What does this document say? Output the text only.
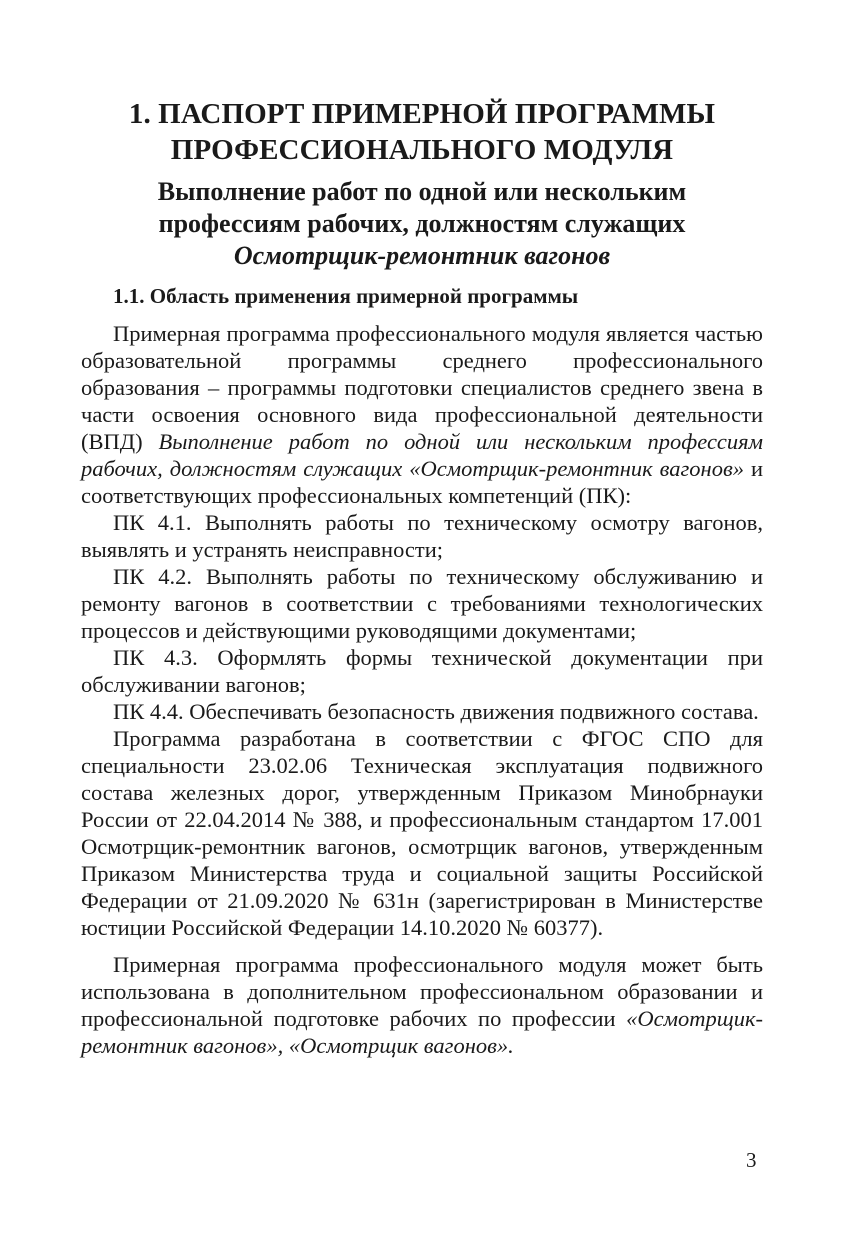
1. ПАСПОРТ ПРИМЕРНОЙ ПРОГРАММЫ
ПРОФЕССИОНАЛЬНОГО МОДУЛЯ
Выполнение работ по одной или нескольким
профессиям рабочих, должностям служащих

Осмотрщик-ремонтник вагонов

1.1. Область применения примерной программы

Примерная программа профессионального модуля является частью образовательной программы среднего профессионального образования – программы подготовки специалистов среднего звена в части освоения основного вида профессиональной деятельности (ВПД) Выполнение работ по одной или нескольким профессиям рабочих, должностям служащих «Осмотрщик-ремонтник вагонов» и соответствующих профессиональных компетенций (ПК):

ПК 4.1. Выполнять работы по техническому осмотру вагонов, выявлять и устранять неисправности;

ПК 4.2. Выполнять работы по техническому обслуживанию и ремонту вагонов в соответствии с требованиями технологических процессов и действующими руководящими документами;

ПК 4.3. Оформлять формы технической документации при обслуживании вагонов;

ПК 4.4. Обеспечивать безопасность движения подвижного состава.

Программа разработана в соответствии с ФГОС СПО для специальности 23.02.06 Техническая эксплуатация подвижного состава железных дорог, утвержденным Приказом Минобрнауки России от 22.04.2014 № 388, и профессиональным стандартом 17.001 Осмотрщик-ремонтник вагонов, осмотрщик вагонов, утвержденным Приказом Министерства труда и социальной защиты Российской Федерации от 21.09.2020 № 631н (зарегистрирован в Министерстве юстиции Российской Федерации 14.10.2020 № 60377).

Примерная программа профессионального модуля может быть использована в дополнительном профессиональном образовании и профессиональной подготовке рабочих по профессии «Осмотрщик-ремонтник вагонов», «Осмотрщик вагонов».

3
